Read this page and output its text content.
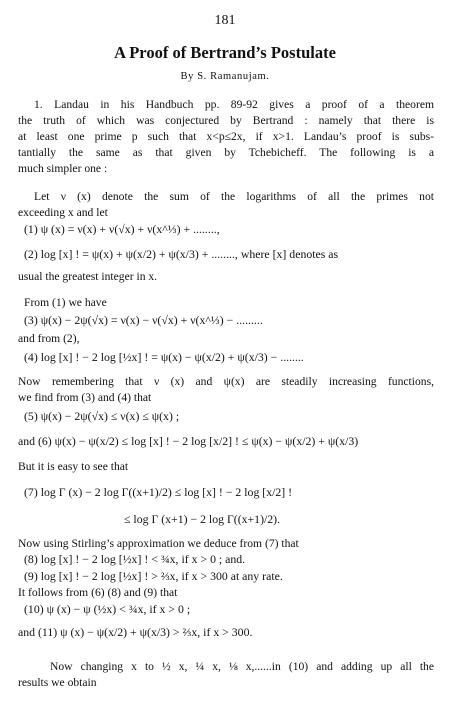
181
A Proof of Bertrand’s Postulate
By S. Ramanujam.
1. Landau in his Handbuch pp. 89-92 gives a proof of a theorem
the truth of which was conjectured by Bertrand : namely that there is
at least one prime p such that x<p≤2x, if x>1. Landau’s proof is subs-
tantially the same as that given by Tchebicheff. The following is a
much simpler one :
Let ν (x) denote the sum of the logarithms of all the primes not
exceeding x and let
(1) ψ (x) = ν(x) + ν(√x) + ν(x^⅓) + ........,
(2) log [x] ! = ψ(x) + ψ(x/2) + ψ(x/3) + ........, where [x] denotes as
usual the greatest integer in x.
From (1) we have
(3) ψ(x) − 2ψ(√x) = ν(x) − ν(√x) + ν(x^⅓) − .........
and from (2),
(4) log [x] ! − 2 log [½x] ! = ψ(x) − ψ(x/2) + ψ(x/3) − ........
Now remembering that ν (x) and ψ(x) are steadily increasing functions,
we find from (3) and (4) that
(5) ψ(x) − 2ψ(√x) ≤ ν(x) ≤ ψ(x) ;
and (6) ψ(x) − ψ(x/2) ≤ log [x] ! − 2 log [x/2] ! ≤ ψ(x) − ψ(x/2) + ψ(x/3)
But it is easy to see that
(7) log Γ (x) − 2 log Γ((x+1)/2) ≤ log [x] ! − 2 log [x/2] !
≤ log Γ (x+1) − 2 log Γ((x+1)/2).
Now using Stirling’s approximation we deduce from (7) that
(8) log [x] ! − 2 log [½x] ! < ¾x, if x > 0 ; and.
(9) log [x] ! − 2 log [½x] ! > ⅔x, if x > 300 at any rate.
It follows from (6) (8) and (9) that
(10) ψ (x) − ψ (½x) < ¾x, if x > 0 ;
and (11) ψ (x) − ψ(x/2) + ψ(x/3) > ⅔x, if x > 300.
Now changing x to ½ x, ¼ x, ⅛ x,......in (10) and adding up all the
results we obtain
